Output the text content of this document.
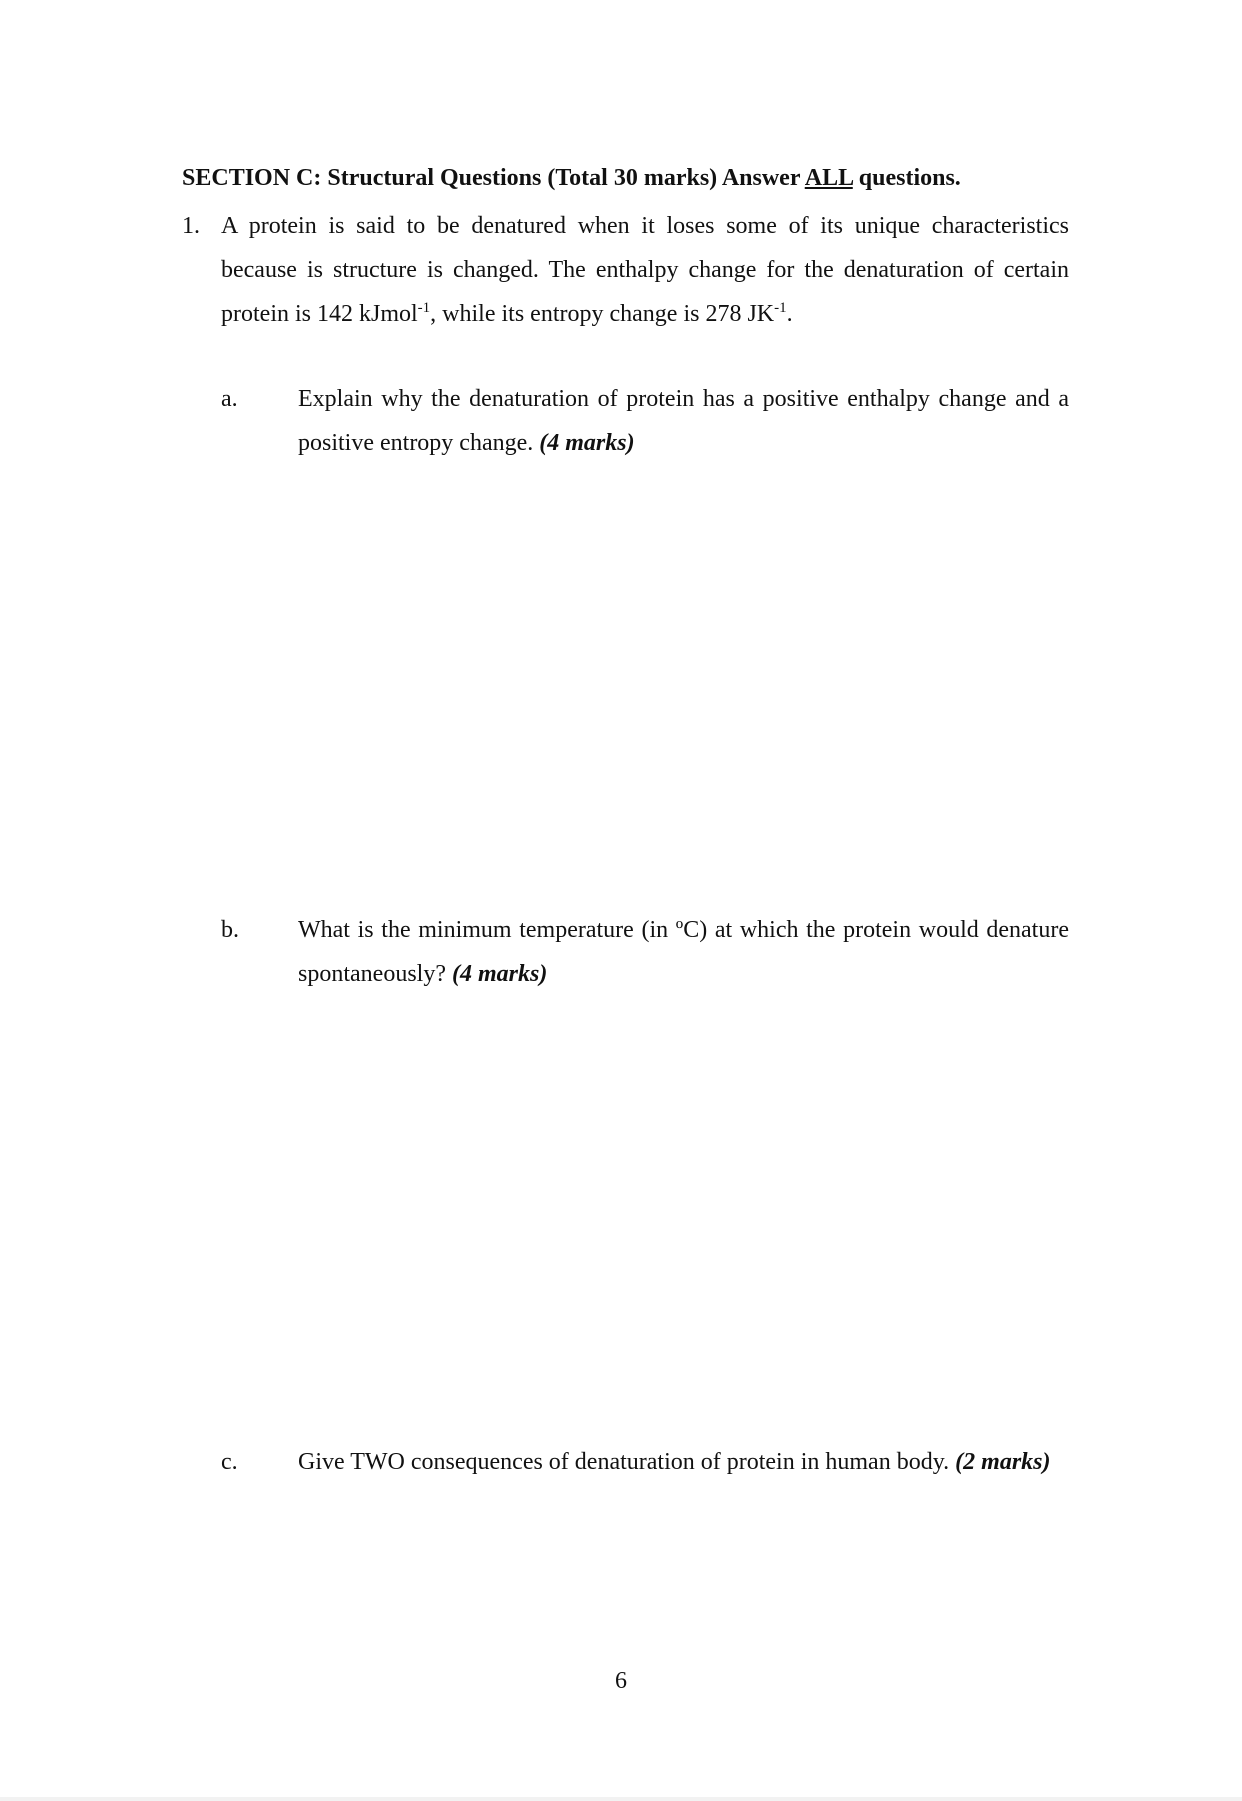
SECTION C: Structural Questions (Total 30 marks) Answer ALL questions.
1. A protein is said to be denatured when it loses some of its unique characteristics because is structure is changed. The enthalpy change for the denaturation of certain protein is 142 kJmol$^{-1}$, while its entropy change is 278 $JK^{-1}$.
a.	Explain why the denaturation of protein has a positive enthalpy change and a positive entropy change. (4 marks)
b. What is the minimum temperature (in ºC) at which the protein would denature spontaneously? (4 marks)
c.	Give TWO consequences of denaturation of protein in human body. (2 marks)
6
